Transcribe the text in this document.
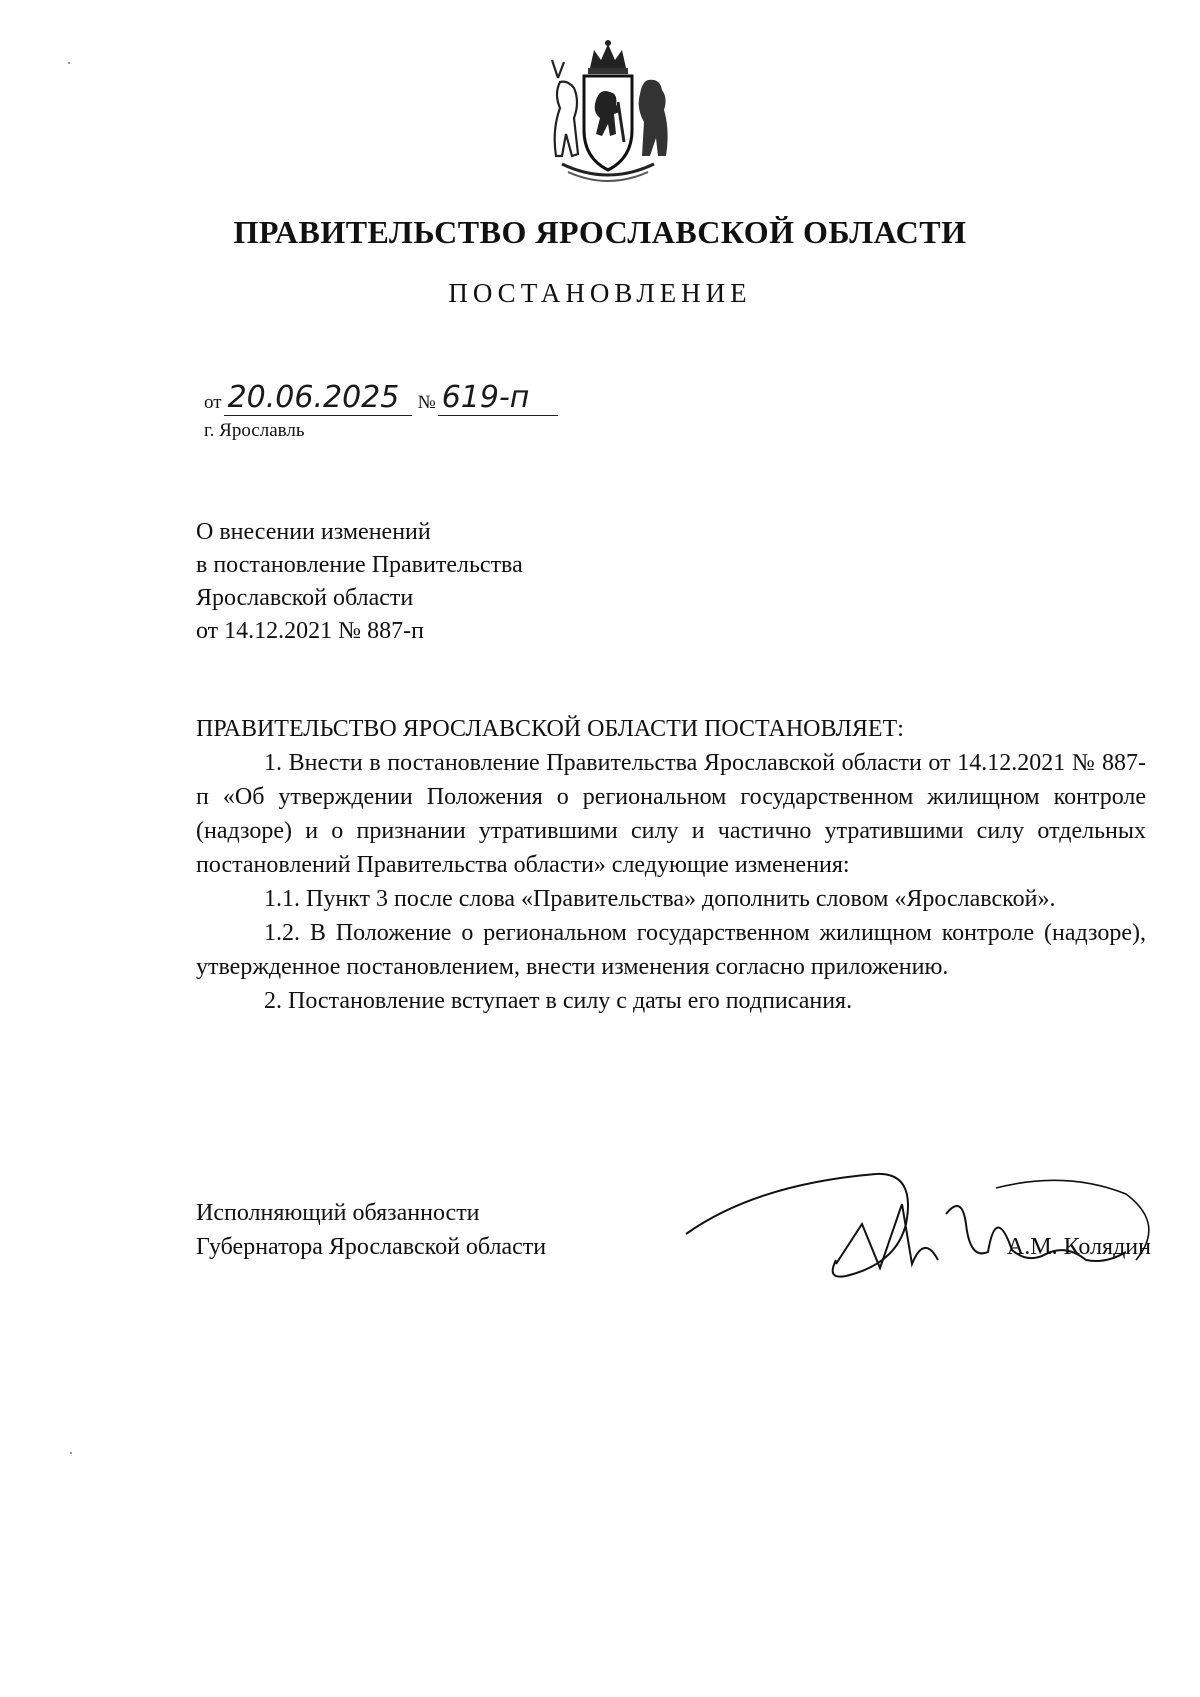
ПРАВИТЕЛЬСТВО ЯРОСЛАВСКОЙ ОБЛАСТИ
ПОСТАНОВЛЕНИЕ
от 20.06.2025 № 619-п
г. Ярославль
О внесении изменений
в постановление Правительства
Ярославской области
от 14.12.2021 № 887-п
ПРАВИТЕЛЬСТВО ЯРОСЛАВСКОЙ ОБЛАСТИ ПОСТАНОВЛЯЕТ:

1. Внести в постановление Правительства Ярославской области от 14.12.2021 № 887-п «Об утверждении Положения о региональном государственном жилищном контроле (надзоре) и о признании утратившими силу и частично утратившими силу отдельных постановлений Правительства области» следующие изменения:

1.1. Пункт 3 после слова «Правительства» дополнить словом «Ярославской».

1.2. В Положение о региональном государственном жилищном контроле (надзоре), утвержденное постановлением, внести изменения согласно приложению.

2. Постановление вступает в силу с даты его подписания.

Исполняющий обязанности
Губернатора Ярославской области	А.М. Колядин
